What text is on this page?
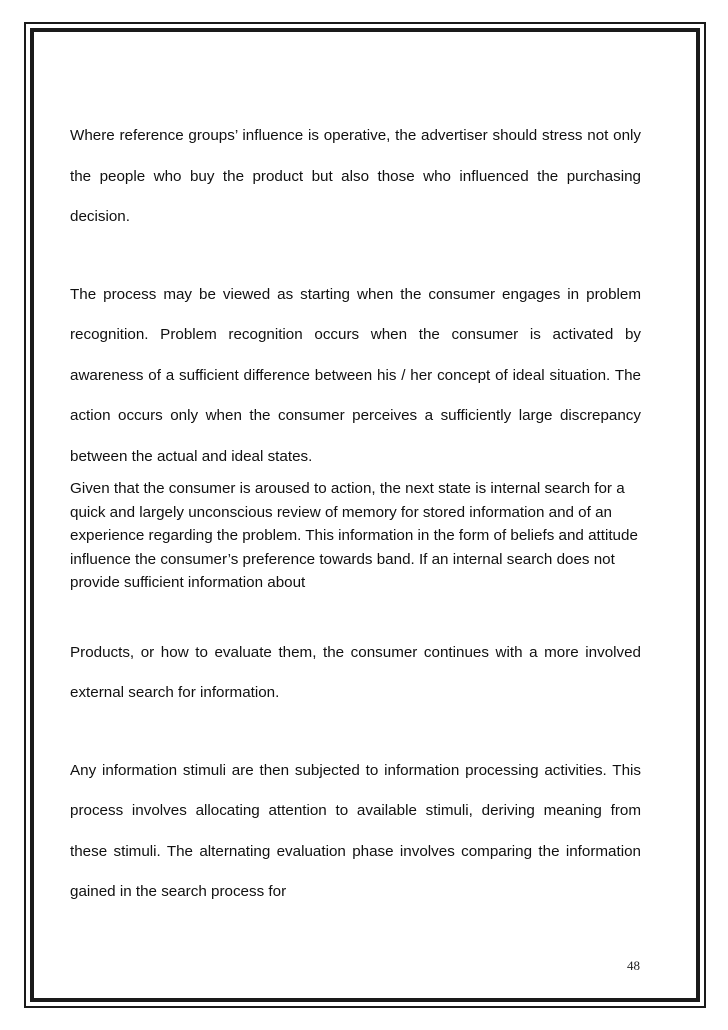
Where reference groups’ influence is operative, the advertiser should stress not only the people who buy the product but also those who influenced the purchasing decision.

The process may be viewed as starting when the consumer engages in problem recognition. Problem recognition occurs when the consumer is activated by awareness of a sufficient difference between his / her concept of ideal situation. The action occurs only when the consumer perceives a sufficiently large discrepancy between the actual and ideal states.

Given that the consumer is aroused to action, the next state is internal search for a quick and largely unconscious review of memory for stored information and of an experience regarding the problem. This information in the form of beliefs and attitude influence the consumer’s preference towards band. If an internal search does not provide sufficient information about

Products, or how to evaluate them, the consumer continues with a more involved external search for information.

Any information stimuli are then subjected to information processing activities. This process involves allocating attention to available stimuli, deriving meaning from these stimuli. The alternating evaluation phase involves comparing the information gained in the search process for

48
